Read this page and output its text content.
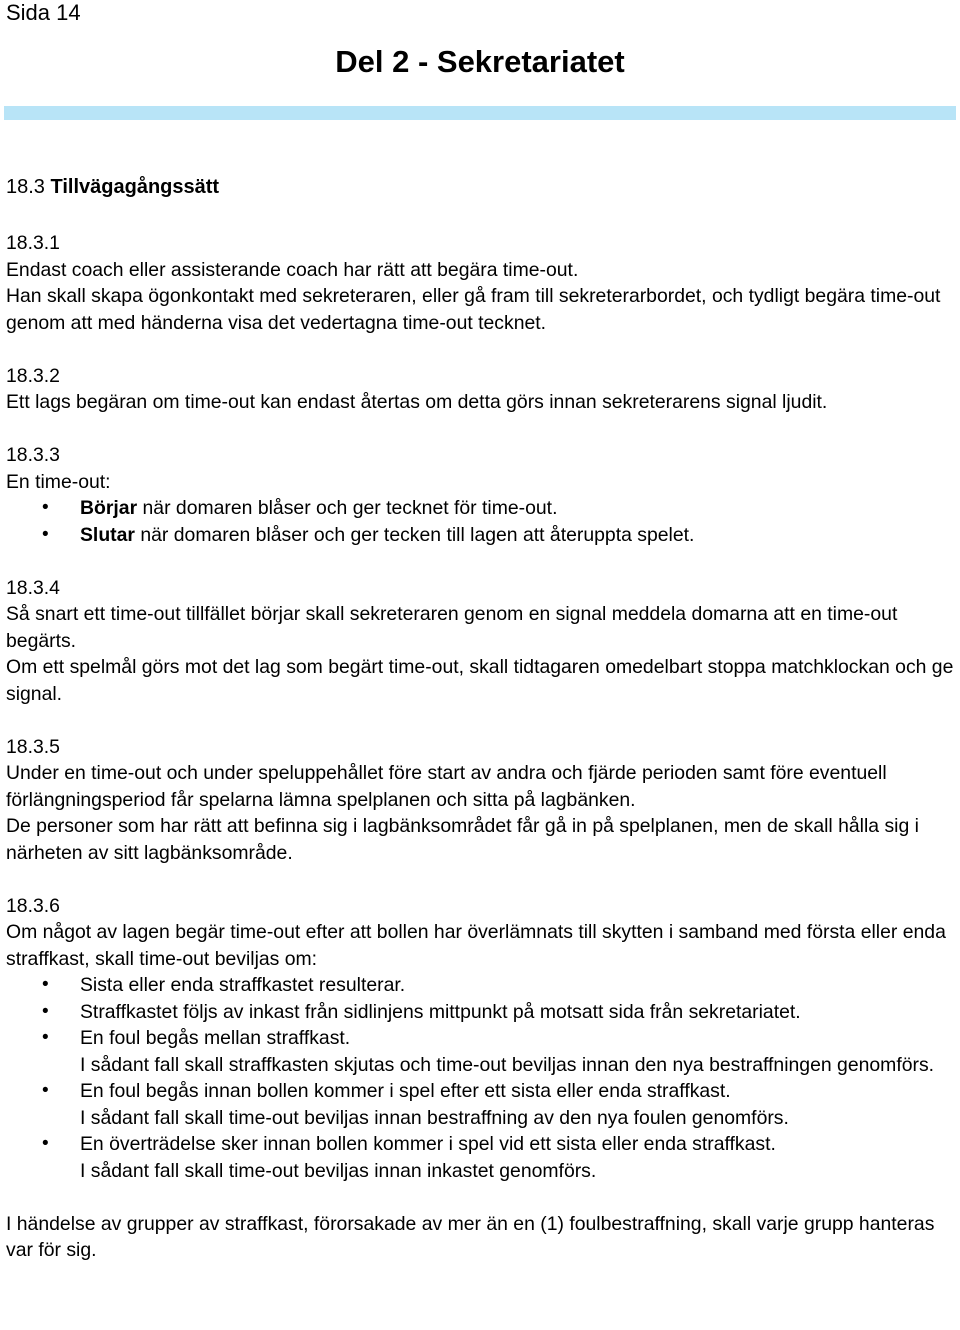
Sida 14
Del 2 - Sekretariatet
18.3 Tillvägagångssätt

18.3.1

Endast coach eller assisterande coach har rätt att begära time-out.

Han skall skapa ögonkontakt med sekreteraren, eller gå fram till sekreterarbordet, och tydligt begära time-out genom att med händerna visa det vedertagna time-out tecknet.

18.3.2

Ett lags begäran om time-out kan endast återtas om detta görs innan sekreterarens signal ljudit.

18.3.3

En time-out:

• Börjar när domaren blåser och ger tecknet för time-out.
• Slutar när domaren blåser och ger tecken till lagen att återuppta spelet.

18.3.4

Så snart ett time-out tillfället börjar skall sekreteraren genom en signal meddela domarna att en time-out begärts.

Om ett spelmål görs mot det lag som begärt time-out, skall tidtagaren omedelbart stoppa matchklockan och ge signal.

18.3.5

Under en time-out och under speluppehållet före start av andra och fjärde perioden samt före eventuell förlängningsperiod får spelarna lämna spelplanen och sitta på lagbänken.

De personer som har rätt att befinna sig i lagbänksområdet får gå in på spelplanen, men de skall hålla sig i närheten av sitt lagbänksområde.

18.3.6

Om något av lagen begär time-out efter att bollen har överlämnats till skytten i samband med första eller enda straffkast, skall time-out beviljas om:

• Sista eller enda straffkastet resulterar.
• Straffkastet följs av inkast från sidlinjens mittpunkt på motsatt sida från sekretariatet.
• En foul begås mellan straffkast.
I sådant fall skall straffkasten skjutas och time-out beviljas innan den nya bestraffningen genomförs.
• En foul begås innan bollen kommer i spel efter ett sista eller enda straffkast.
I sådant fall skall time-out beviljas innan bestraffning av den nya foulen genomförs.
• En överträdelse sker innan bollen kommer i spel vid ett sista eller enda straffkast.
I sådant fall skall time-out beviljas innan inkastet genomförs.

I händelse av grupper av straffkast, förorsakade av mer än en (1) foulbestraffning, skall varje grupp hanteras var för sig.
